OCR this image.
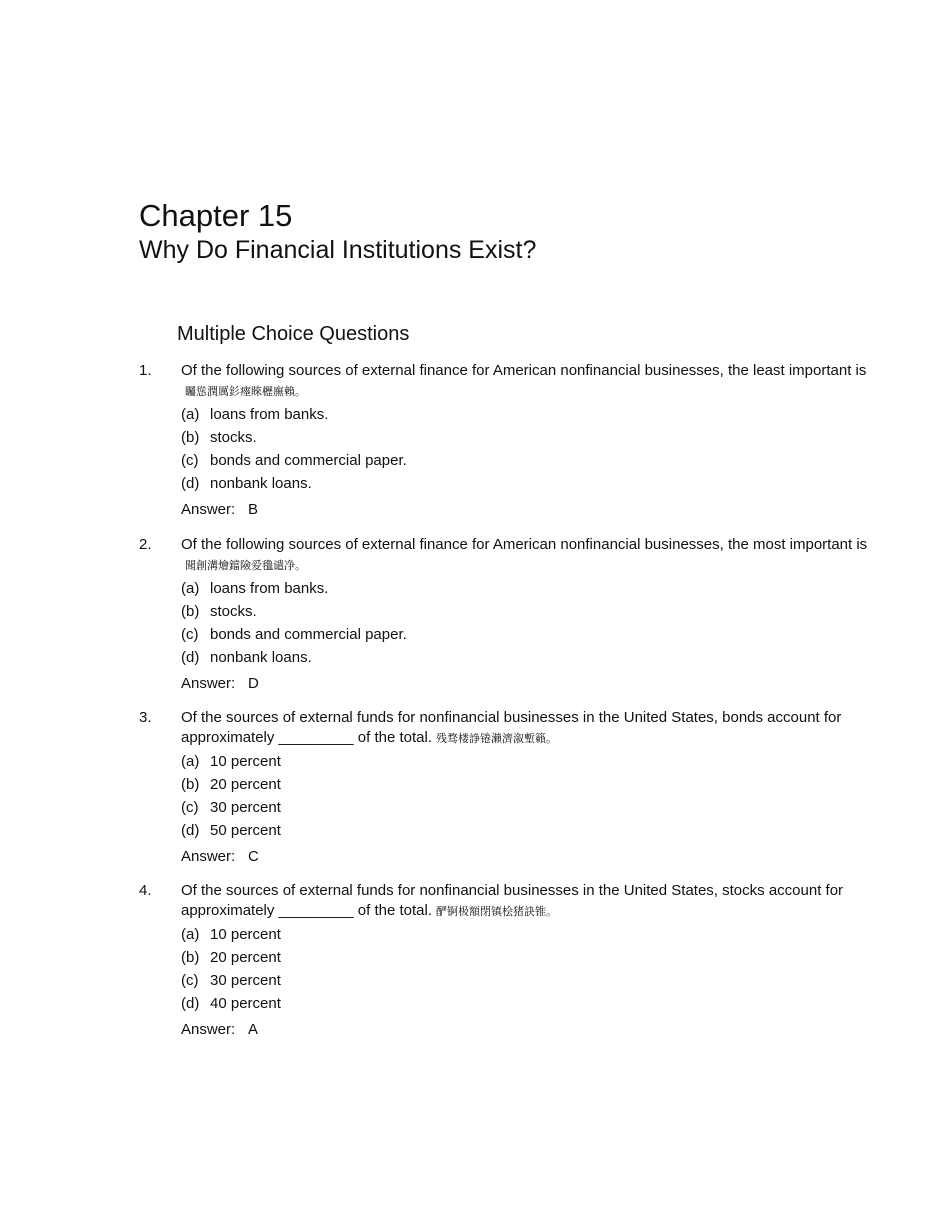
Chapter 15
Why Do Financial Institutions Exist?
Multiple Choice Questions
1. Of the following sources of external finance for American nonfinancial businesses, the least important is矚慫潤厲釤瘞睞櫪廡賴。

(a) loans from banks.
(b) stocks.
(c) bonds and commercial paper.
(d) nonbank loans.
Answer: B
2. Of the following sources of external finance for American nonfinancial businesses, the most important is聞創溝燴鐺險爱氇谴净。

(a) loans from banks.
(b) stocks.
(c) bonds and commercial paper.
(d) nonbank loans.
Answer: D
3. Of the sources of external funds for nonfinancial businesses in the United States, bonds account for approximately _________ of the total. 残骛楼諍锩瀨濟溆塹籟。

(a) 10 percent
(b) 20 percent
(c) 30 percent
(d) 50 percent
Answer: C
4. Of the sources of external funds for nonfinancial businesses in the United States, stocks account for approximately _________ of the total. 酽锕极額閉镇桧猪訣锥。

(a) 10 percent
(b) 20 percent
(c) 30 percent
(d) 40 percent
Answer: A
